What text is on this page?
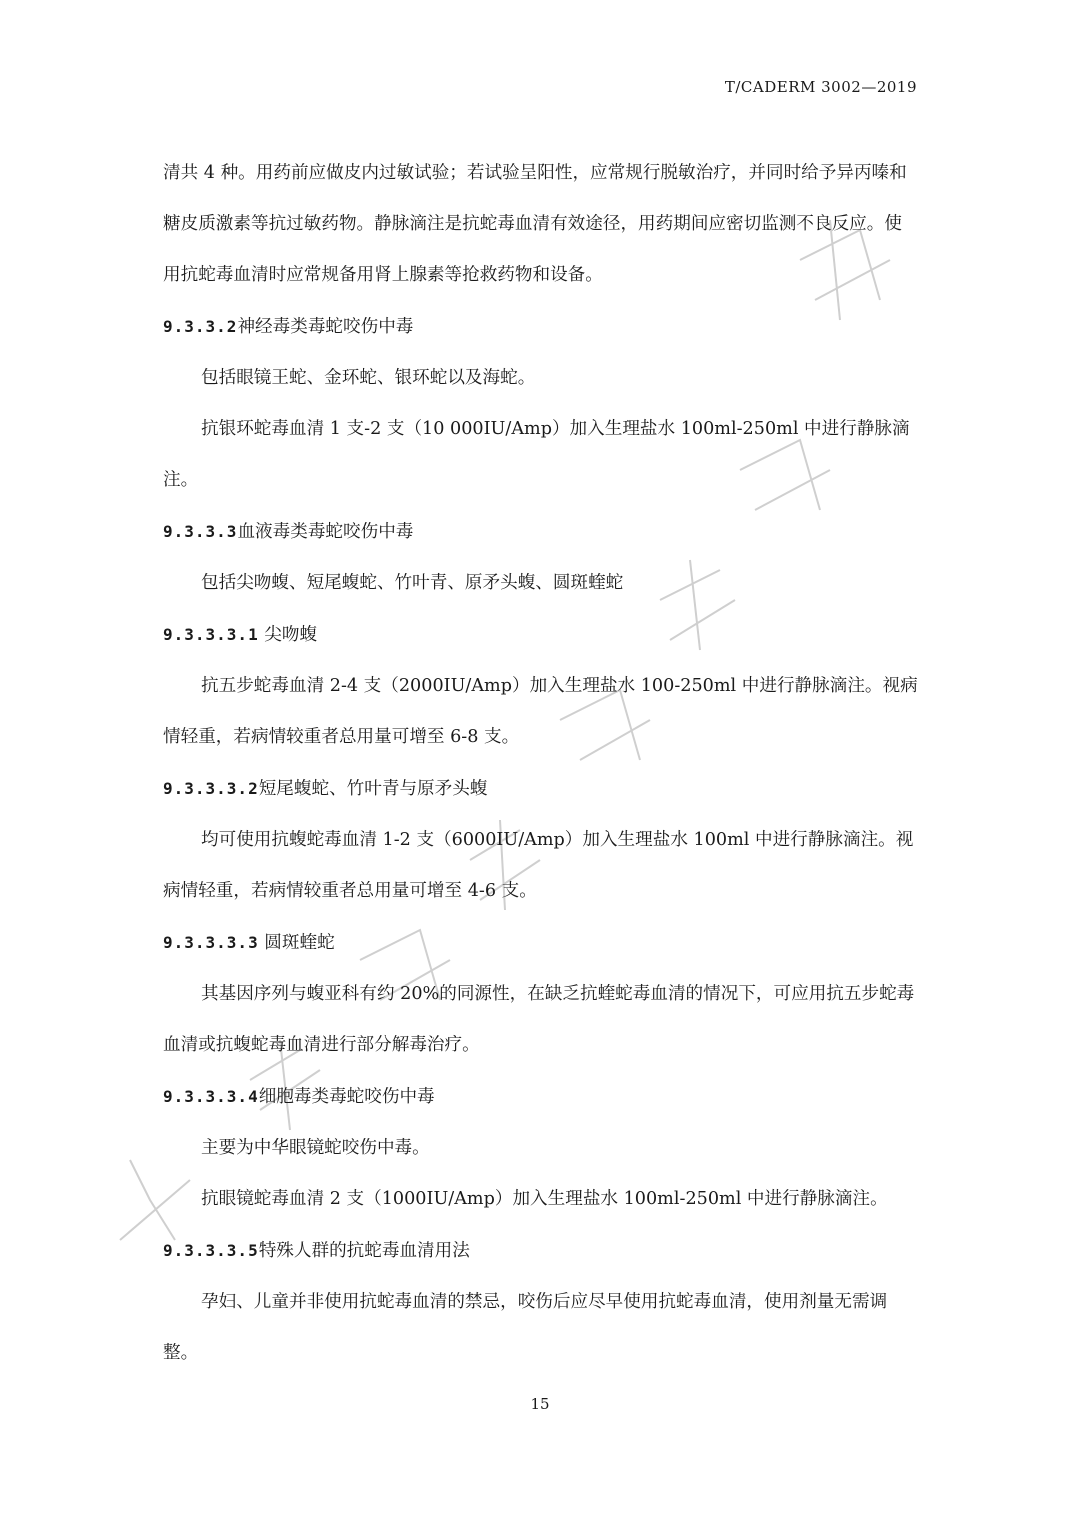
全国团体标准信息平台
T/CADERM 3002—2019

清共 4 种。用药前应做皮内过敏试验；若试验呈阳性，应常规行脱敏治疗，并同时给予异丙嗪和糖皮质激素等抗过敏药物。静脉滴注是抗蛇毒血清有效途径，用药期间应密切监测不良反应。使用抗蛇毒血清时应常规备用肾上腺素等抢救药物和设备。

9.3.3.2神经毒类毒蛇咬伤中毒

包括眼镜王蛇、金环蛇、银环蛇以及海蛇。

抗银环蛇毒血清 1 支-2 支（10 000IU/Amp）加入生理盐水 100ml-250ml 中进行静脉滴注。

9.3.3.3血液毒类毒蛇咬伤中毒

包括尖吻蝮、短尾蝮蛇、竹叶青、原矛头蝮、圆斑蝰蛇

9.3.3.3.1 尖吻蝮

抗五步蛇毒血清 2-4 支（2000IU/Amp）加入生理盐水 100-250ml 中进行静脉滴注。视病情轻重，若病情较重者总用量可增至 6-8 支。

9.3.3.3.2短尾蝮蛇、竹叶青与原矛头蝮

均可使用抗蝮蛇毒血清 1-2 支（6000IU/Amp）加入生理盐水 100ml 中进行静脉滴注。视病情轻重，若病情较重者总用量可增至 4-6 支。

9.3.3.3.3 圆斑蝰蛇

其基因序列与蝮亚科有约 20%的同源性，在缺乏抗蝰蛇毒血清的情况下，可应用抗五步蛇毒血清或抗蝮蛇毒血清进行部分解毒治疗。

9.3.3.3.4细胞毒类毒蛇咬伤中毒

主要为中华眼镜蛇咬伤中毒。

抗眼镜蛇毒血清 2 支（1000IU/Amp）加入生理盐水 100ml-250ml 中进行静脉滴注。

9.3.3.3.5特殊人群的抗蛇毒血清用法

孕妇、儿童并非使用抗蛇毒血清的禁忌，咬伤后应尽早使用抗蛇毒血清，使用剂量无需调整。

15
